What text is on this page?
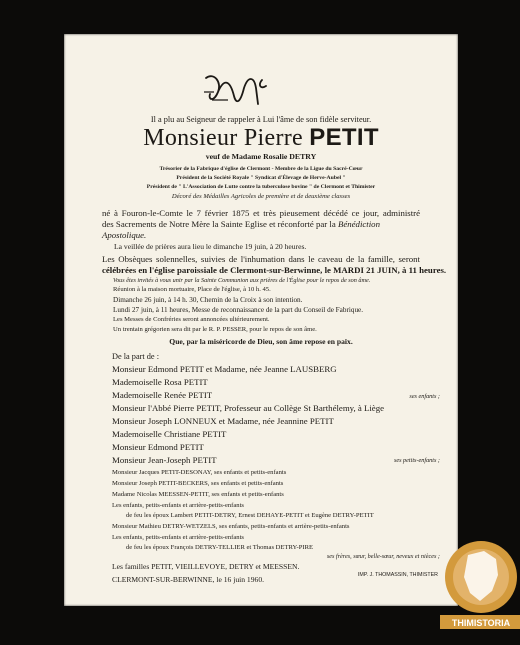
Il a plu au Seigneur de rappeler à Lui l'âme de son fidèle serviteur.
Monsieur Pierre PETIT
veuf de Madame Rosalie DETRY
Trésorier de la Fabrique d'église de Clermont - Membre de la Ligue du Sacré-Cœur
Président de la Société Royale " Syndicat d'Élevage de Herve-Aubel "
Président de " L'Association de Lutte contre la tuberculose bovine " de Clermont et Thimister
Décoré des Médailles Agricoles de première et de deuxième classes
né à Fouron-le-Comte le 7 février 1875 et très pieusement décédé ce jour, administré
des Sacrements de Notre Mère la Sainte Eglise et réconforté par la Bénédiction
Apostolique.
La veillée de prières aura lieu le dimanche 19 juin, à 20 heures.
Les Obsèques solennelles, suivies de l'inhumation dans le caveau de la famille, seront
célébrées en l'église paroissiale de Clermont-sur-Berwinne, le MARDI 21 JUIN, à 11 heures.
Vous êtes invités à vous unir par la Sainte Communion aux prières de l'Église pour le repos de son âme.
Réunion à la maison mortuaire, Place de l'église, à 10 h. 45.
Dimanche 26 juin, à 14 h. 30, Chemin de la Croix à son intention.
Lundi 27 juin, à 11 heures, Messe de reconnaissance de la part du Conseil de Fabrique.
Les Messes de Confréries seront annoncées ultérieurement.
Un trentain grégorien sera dit par le R. P. PESSER, pour le repos de son âme.
Que, par la miséricorde de Dieu, son âme repose en paix.
De la part de :
Monsieur Edmond PETIT et Madame, née Jeanne LAUSBERG
Mademoiselle Rosa PETIT
Mademoiselle Renée PETIT	ses enfants ;
Monsieur l'Abbé Pierre PETIT, Professeur au Collège St Barthélemy, à Liège
Monsieur Joseph LONNEUX et Madame, née Jeannine PETIT
Mademoiselle Christiane PETIT
Monsieur Edmond PETIT
Monsieur Jean-Joseph PETIT	ses petits-enfants ;
Monsieur Jacques PETIT-DESONAY, ses enfants et petits-enfants
Monsieur Joseph PETIT-BECKERS, ses enfants et petits-enfants
Madame Nicolas MEESSEN-PETIT, ses enfants et petits-enfants
Les enfants, petits-enfants et arrière-petits-enfants
de feu les époux Lambert PETIT-DETRY, Ernest DEHAYE-PETIT et Eugène DETRY-PETIT
Monsieur Mathieu DETRY-WETZELS, ses enfants, petits-enfants et arrière-petits-enfants
Les enfants, petits-enfants et arrière-petits-enfants
de feu les époux François DETRY-TELLIER et Thomas DETRY-PIRE
ses frères, sœur, belle-sœur, neveux et nièces ;
Les familles PETIT, VIEILLEVOYE, DETRY et MEESSEN.
CLERMONT-SUR-BERWINNE, le 16 juin 1960.	IMP. J. THOMASSIN, THIMISTER
THIMISTORIA
